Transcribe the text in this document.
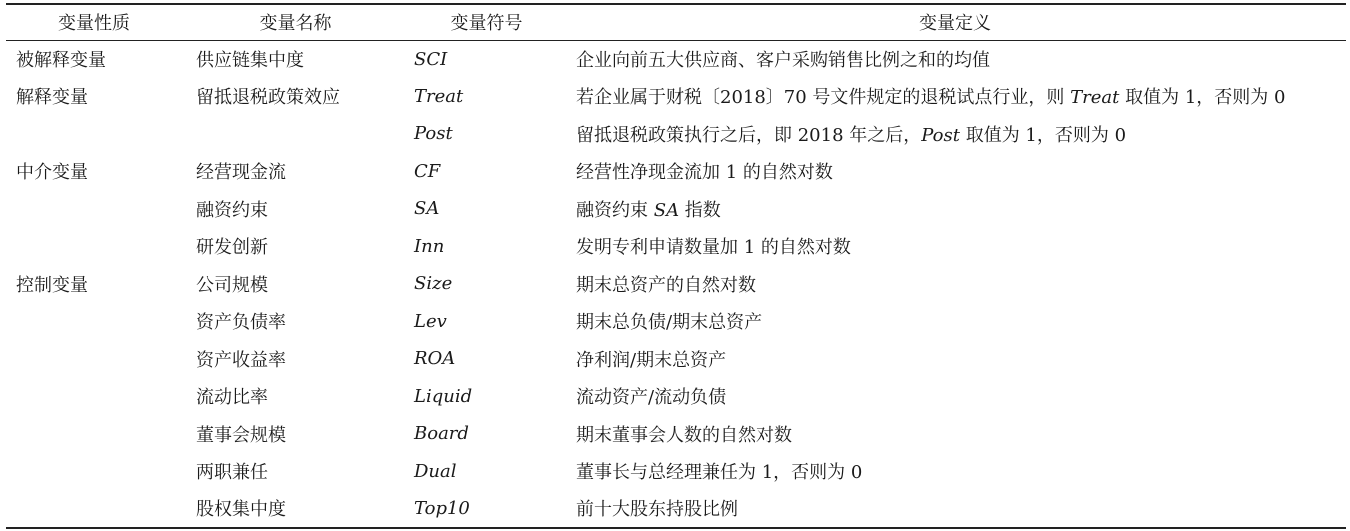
变量性质	变量名称	变量符号	变量定义
被解释变量	供应链集中度	SCI	企业向前五大供应商、客户采购销售比例之和的均值
解释变量	留抵退税政策效应	Treat	若企业属于财税〔2018〕70 号文件规定的退税试点行业，则 Treat 取值为 1，否则为 0
		Post	留抵退税政策执行之后，即 2018 年之后，Post 取值为 1，否则为 0
中介变量	经营现金流	CF	经营性净现金流加 1 的自然对数
	融资约束	SA	融资约束 SA 指数
	研发创新	Inn	发明专利申请数量加 1 的自然对数
控制变量	公司规模	Size	期末总资产的自然对数
	资产负债率	Lev	期末总负债/期末总资产
	资产收益率	ROA	净利润/期末总资产
	流动比率	Liquid	流动资产/流动负债
	董事会规模	Board	期末董事会人数的自然对数
	两职兼任	Dual	董事长与总经理兼任为 1，否则为 0
	股权集中度	Top10	前十大股东持股比例
